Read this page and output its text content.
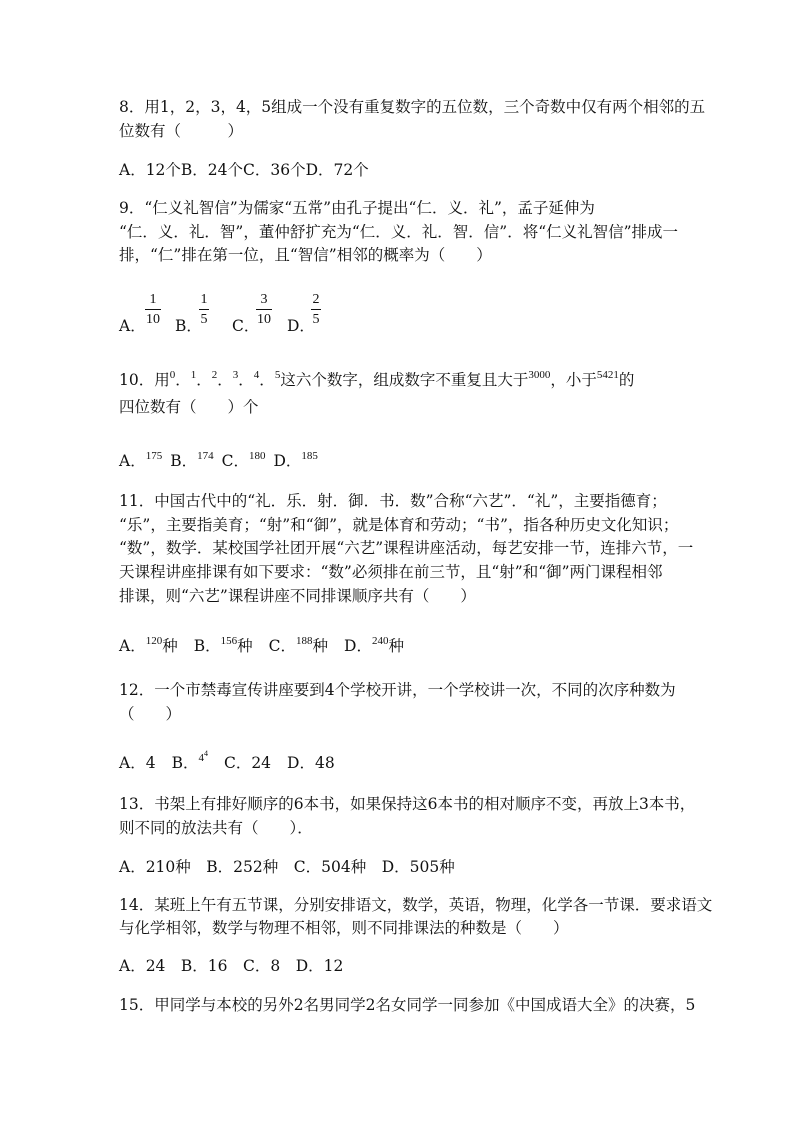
8．用1，2，3，4，5组成一个没有重复数字的五位数，三个奇数中仅有两个相邻的五
位数有（　　　）
A．12个B．24个C．36个D．72个
9．“仁义礼智信”为儒家“五常”由孔子提出“仁．义．礼”，孟子延伸为
“仁．义．礼．智”，董仲舒扩充为“仁．义．礼．智．信”．将“仁义礼智信”排成一
排，“仁”排在第一位，且“智信”相邻的概率为（　　）
A．
1
10 B．
1
5 C．
3
10 D．
2
5
10．用$^0$．$^1$．$^2$．$^3$．$^4$．$^5$这六个数字，组成数字不重复且大于$^{3000}$，小于$^{5421}$的
四位数有（　　）个
A．$^{175}$ B．$^{174}$ C．$^{180}$ D．$^{185}$
11．中国古代中的“礼．乐．射．御．书．数”合称“六艺”．“礼”，主要指德育；
“乐”，主要指美育；“射”和“御”，就是体育和劳动；“书”，指各种历史文化知识；
“数”，数学．某校国学社团开展“六艺”课程讲座活动，每艺安排一节，连排六节，一
天课程讲座排课有如下要求：“数”必须排在前三节，且“射”和“御”两门课程相邻
排课，则“六艺”课程讲座不同排课顺序共有（　　）
A．$^{120}$种 B．$^{156}$种 C．$^{188}$种 D．$^{240}$种
12．一个市禁毒宣传讲座要到4个学校开讲，一个学校讲一次，不同的次序种数为
（　　）
A．4 B．$^{44}$C．24 D．48
13．书架上有排好顺序的6本书，如果保持这6本书的相对顺序不变，再放上3本书，
则不同的放法共有（　　）．
A．210种　B．252种　C．504种　D．505种
14．某班上午有五节课，分别安排语文，数学，英语，物理，化学各一节课．要求语文
与化学相邻，数学与物理不相邻，则不同排课法的种数是（　　）
A．24　B．16　C．8　D．12
15．甲同学与本校的另外2名男同学2名女同学一同参加《中国成语大全》的决赛，5
